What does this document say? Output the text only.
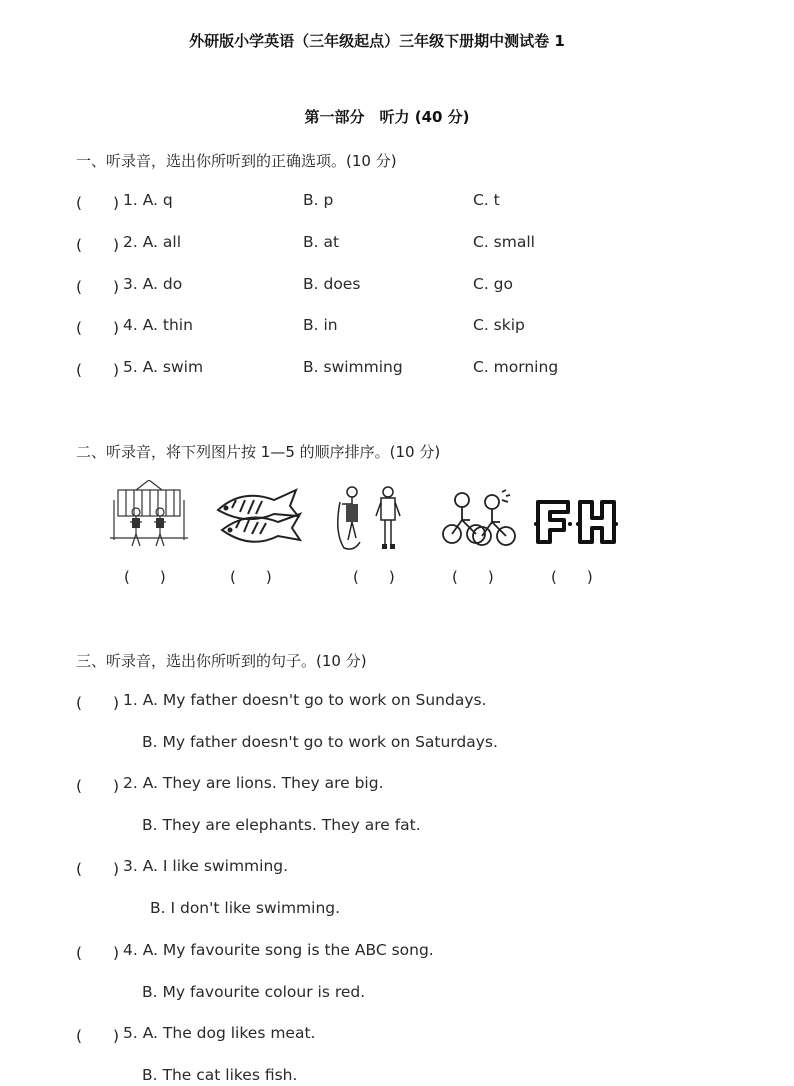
外研版小学英语（三年级起点）三年级下册期中测试卷 1
第一部分　听力 (40 分)
一、听录音，选出你所听到的正确选项。(10 分)
(　　) 1. A. q	B. p	C. t
(　　) 2. A. all	B. at	C. small
(　　) 3. A. do	B. does	C. go
(　　) 4. A. thin	B. in	C. skip
(　　) 5. A. swim	B. swimming	C. morning
二、听录音，将下列图片按 1—5 的顺序排序。(10 分)
(　　)	(　　)	(　　)	(　　)	(　　)
三、听录音，选出你所听到的句子。(10 分)
(　　) 1. A. My father doesn't go to work on Sundays.
B. My father doesn't go to work on Saturdays.
(　　) 2. A. They are lions. They are big.
B. They are elephants. They are fat.
(　　) 3. A. I like swimming.
B. I don't like swimming.
(　　) 4. A. My favourite song is the ABC song.
B. My favourite colour is red.
(　　) 5. A. The dog likes meat.
B. The cat likes fish.
